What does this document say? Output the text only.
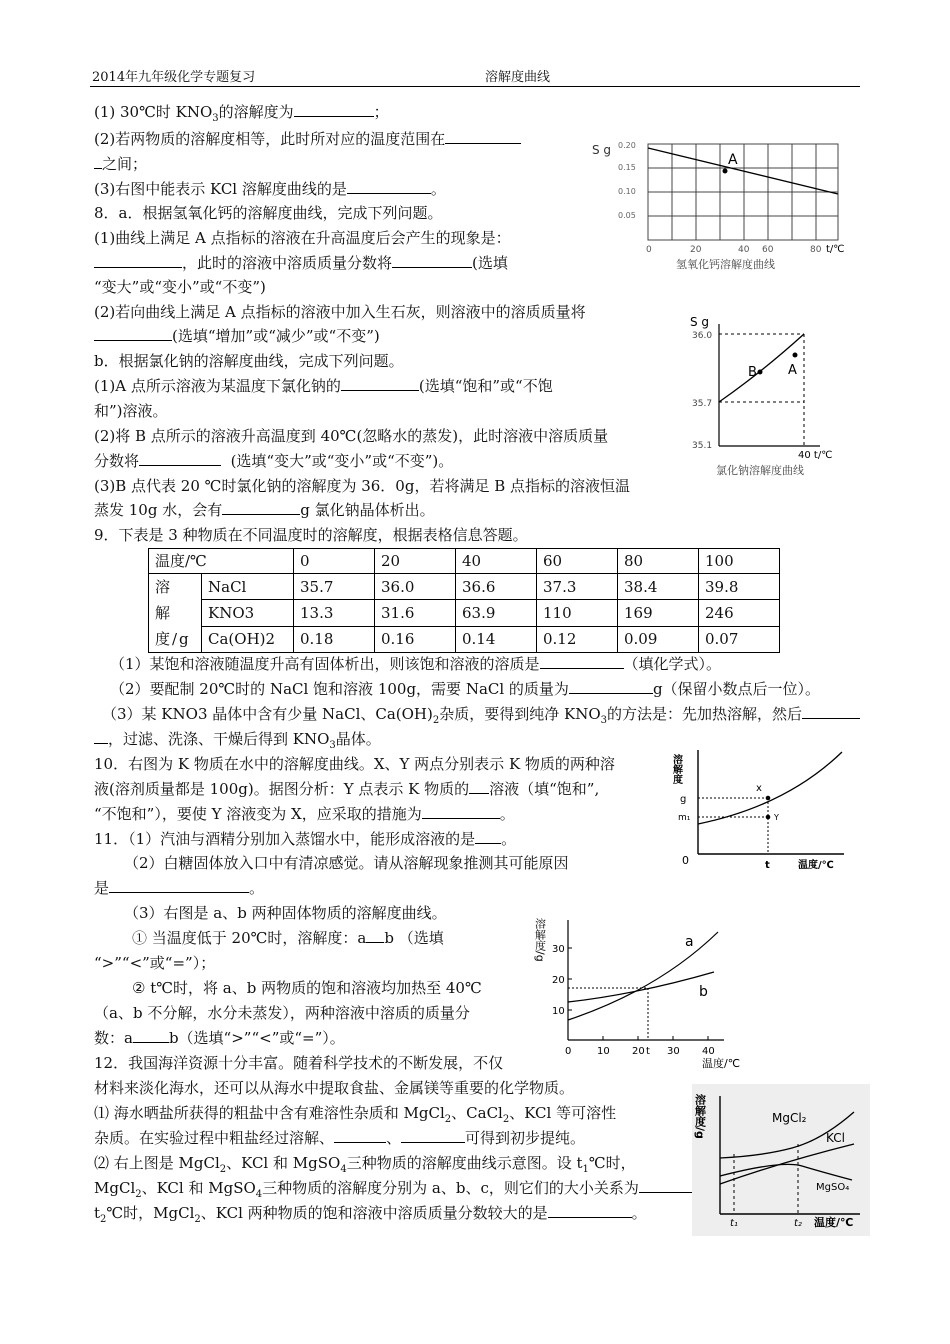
2014年九年级化学专题复习	溶解度曲线
(1) 30℃时 $KNO_3$的溶解度为	；
(2)若两物质的溶解度相等，此时所对应的温度范围在
之间；
(3)右图中能表示 KCl 溶解度曲线的是	。
8．a．根据氢氧化钙的溶解度曲线，完成下列问题。
(1)曲线上满足 A 点指标的溶液在升高温度后会产生的现象是：
，此时的溶液中溶质质量分数将	(选填
“变大”或“变小”或“不变”)
(2)若向曲线上满足 A 点指标的溶液中加入生石灰，则溶液中的溶质质量将
(选填“增加”或“减少”或“不变”)
b．根据氯化钠的溶解度曲线，完成下列问题。
(1)A 点所示溶液为某温度下氯化钠的	(选填“饱和”或“不饱
和”)溶液。
(2)将 B 点所示的溶液升高温度到 40℃(忽略水的蒸发)，此时溶液中溶质质量
分数将	(选填“变大”或“变小”或“不变”)。
(3)B 点代表 20 ℃时氯化钠的溶解度为 36．0g，若将满足 B 点指标的溶液恒温
蒸发 10g 水，会有	g 氯化钠晶体析出。
9．下表是 3 种物质在不同温度时的溶解度，根据表格信息答题。
温度/℃		0	20	40	60	80	100
溶 解 度/g	NaCl	35.7	36.0	36.6	37.3	38.4	39.8
	KNO3	13.3	31.6	63.9	110	169	246
	Ca(OH)2	0.18	0.16	0.14	0.12	0.09	0.07
（1）某饱和溶液随温度升高有固体析出，则该饱和溶液的溶质是	（填化学式）。
（2）要配制 20℃时的 NaCl 饱和溶液 100g，需要 NaCl 的质量为	g（保留小数点后一位）。
（3）某 KNO3 晶体中含有少量 NaCl、$Ca(OH)_2$杂质，要得到纯净 $KNO_3$的方法是：先加热溶解，然后
，过滤、洗涤、干燥后得到 $KNO_3$晶体。
10．右图为 K 物质在水中的溶解度曲线。X、Y 两点分别表示 K 物质的两种溶
液(溶剂质量都是 100g)。据图分析：Y 点表示 K 物质的 溶液（填“饱和”,
“不饱和”），要使 Y 溶液变为 X，应采取的措施为	。
11．（1）汽油与酒精分别加入蒸馏水中，能形成溶液的是 。
（2）白糖固体放入口中有清凉感觉。请从溶解现象推测其可能原因
是	。
（3）右图是 a、b 两种固体物质的溶解度曲线。
① 当温度低于 20℃时，溶解度：a b （选填
“>”“<”或“=”）；
② t℃时，将 a、b 两物质的饱和溶液均加热至 40℃
（a、b 不分解，水分未蒸发），两种溶液中溶质的质量分
数：a b（选填“>”“<”或“=”）。
12．我国海洋资源十分丰富。随着科学技术的不断发展，不仅
材料来淡化海水，还可以从海水中提取食盐、金属镁等重要的化学物质。
⑴ 海水晒盐所获得的粗盐中含有难溶性杂质和 MgCl$_2$、CaCl$_2$、KCl 等可溶性
杂质。在实验过程中粗盐经过溶解、	、	可得到初步提纯。
⑵ 右上图是 MgCl$_2$、KCl 和 MgSO$_4$三种物质的溶解度曲线示意图。设 $t_1℃$时，
MgCl$_2$、KCl 和 MgSO$_4$三种物质的溶解度分别为 a、b、c，则它们的大小关系为
$t_2℃$时，MgCl$_2$、KCl 两种物质的饱和溶液中溶质质量分数较大的是	。
A
S g 0.20
0.15
0.10
0.05
0	20	40 60	80 t/℃
氢氧化钙溶解度曲线
B A
S g
36.0
35.7
35.1
40 t/℃
氯化钠溶解度曲线
x
Y
溶解度
g
m₁
0	t	温度/℃
a
b
溶解度/g 30
20
10
0	10 20 t 30 40
温度/℃
溶解度/g	MgCl₂
KCl
MgSO₄
t₁	t₂ 温度/℃
